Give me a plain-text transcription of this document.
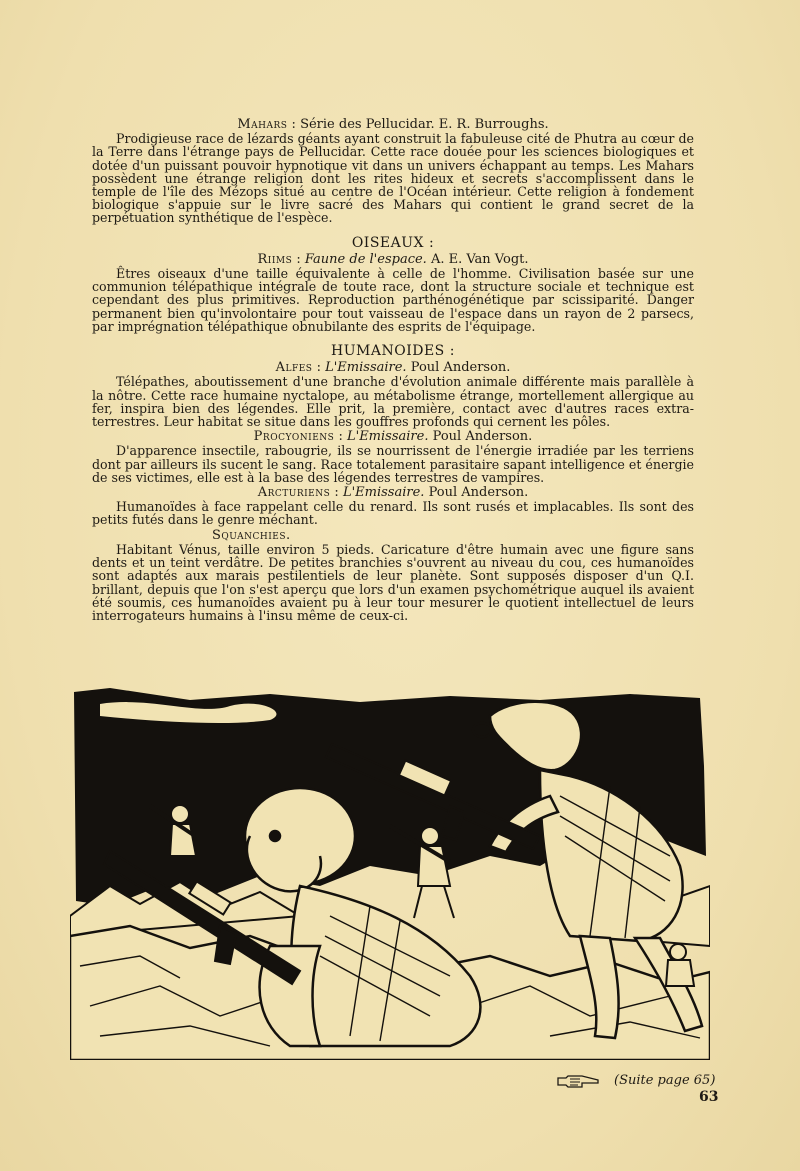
Mahars : Série des Pellucidar. E. R. Burroughs.

Prodigieuse race de lézards géants ayant construit la fabuleuse cité de Phutra au cœur de la Terre dans l'étrange pays de Pellucidar. Cette race douée pour les sciences biologiques et dotée d'un puissant pouvoir hypnotique vit dans un univers échappant au temps. Les Mahars possèdent une étrange religion dont les rites hideux et secrets s'accomplissent dans le temple de l'île des Mézops situé au centre de l'Océan intérieur. Cette religion à fondement biologique s'appuie sur le livre sacré des Mahars qui contient le grand secret de la perpétuation synthétique de l'espèce.

OISEAUX :
Riims : Faune de l'espace. A. E. Van Vogt.

Êtres oiseaux d'une taille équivalente à celle de l'homme. Civilisation basée sur une communion télépathique intégrale de toute race, dont la structure sociale et technique est cependant des plus primitives. Reproduction parthénogénétique par scissiparité. Danger permanent bien qu'involontaire pour tout vaisseau de l'espace dans un rayon de 2 parsecs, par imprégnation télépathique obnubilante des esprits de l'équipage.

HUMANOIDES :
Alfes : L'Emissaire. Poul Anderson.

Télépathes, aboutissement d'une branche d'évolution animale différente mais parallèle à la nôtre. Cette race humaine nyctalope, au métabolisme étrange, mortellement allergique au fer, inspira bien des légendes. Elle prit, la première, contact avec d'autres races extra-terrestres. Leur habitat se situe dans les gouffres profonds qui cernent les pôles.

Procyoniens : L'Emissaire. Poul Anderson.

D'apparence insectile, rabougrie, ils se nourrissent de l'énergie irradiée par les terriens dont par ailleurs ils sucent le sang. Race totalement parasitaire sapant intelligence et énergie de ses victimes, elle est à la base des légendes terrestres de vampires.

Arcturiens : L'Emissaire. Poul Anderson.

Humanoïdes à face rappelant celle du renard. Ils sont rusés et implacables. Ils sont des petits futés dans le genre méchant.

Squanchies.

Habitant Vénus, taille environ 5 pieds. Caricature d'être humain avec une figure sans dents et un teint verdâtre. De petites branchies s'ouvrent au niveau du cou, ces humanoïdes sont adaptés aux marais pestilentiels de leur planète. Sont supposés disposer d'un Q.I. brillant, depuis que l'on s'est aperçu que lors d'un examen psychométrique auquel ils avaient été soumis, ces humanoïdes avaient pu à leur tour mesurer le quotient intellectuel de leurs interrogateurs humains à l'insu même de ceux-ci.

(Suite page 65)
63
